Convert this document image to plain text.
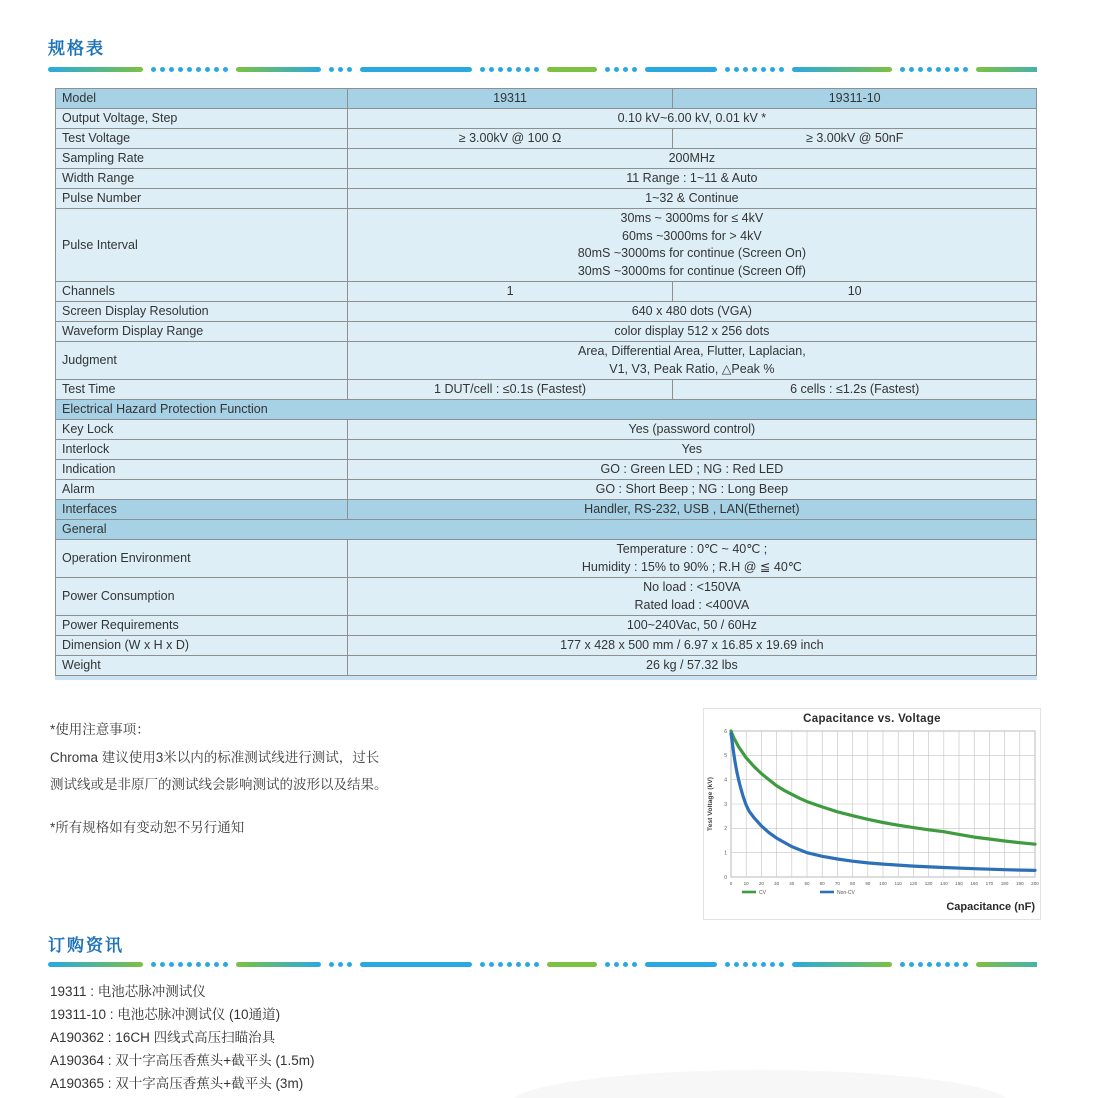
规格表
Model	19311	19311-10
Output Voltage, Step	0.10 kV~6.00 kV, 0.01 kV *	
Test Voltage	≥ 3.00kV @ 100 Ω	≥ 3.00kV @ 50nF
Sampling Rate	200MHz	
Width Range	11 Range : 1~11 & Auto	
Pulse Number	1~32 & Continue	
Pulse Interval	30ms ~ 3000ms for ≤ 4kV
60ms ~3000ms for > 4kV
80mS ~3000ms for continue (Screen On)
30mS ~3000ms for continue (Screen Off)	

Channels	1	10
Screen Display Resolution	640 x 480 dots (VGA)	
Waveform Display Range	color display 512 x 256 dots	
Judgment	Area, Differential Area, Flutter, Laplacian,
V1, V3, Peak Ratio, △Peak %	

Test Time	1 DUT/cell : ≤0.1s (Fastest)	6 cells : ≤1.2s (Fastest)
Electrical Hazard Protection Function		
Key Lock	Yes (password control)	
Interlock	Yes	
Indication	GO : Green LED ; NG : Red LED	
Alarm	GO : Short Beep ; NG : Long Beep	
Interfaces	Handler, RS-232, USB , LAN(Ethernet)	
General		
Operation Environment	Temperature : 0℃ ~ 40℃ ;
Humidity : 15% to 90% ; R.H @ ≦ 40℃	

Power Consumption	No load : <150VA
Rated load : <400VA	

Power Requirements	100~240Vac, 50 / 60Hz	
Dimension (W x H x D)	177 x 428 x 500 mm / 6.97 x 16.85 x 19.69 inch	
Weight	26 kg / 57.32 lbs	
*使用注意事项：
Chroma 建议使用3米以内的标准测试线进行测试，过长
测试线或是非原厂的测试线会影响测试的波形以及结果。
*所有规格如有变动恕不另行通知
Capacitance vs. Voltage
0 10 20 30 40 50 60 70 80 90 100 110 120 130 140 150 160 170 180 190 200
0
1
2
3
4
5
6
Test Voltage (kV)
CV	Non-CV
Capacitance (nF)
订购资讯
19311 : 电池芯脉冲测试仪
19311-10 : 电池芯脉冲测试仪 (10通道)
A190362 : 16CH 四线式高压扫瞄治具
A190364 : 双十字高压香蕉头+截平头 (1.5m)
A190365 : 双十字高压香蕉头+截平头 (3m)
